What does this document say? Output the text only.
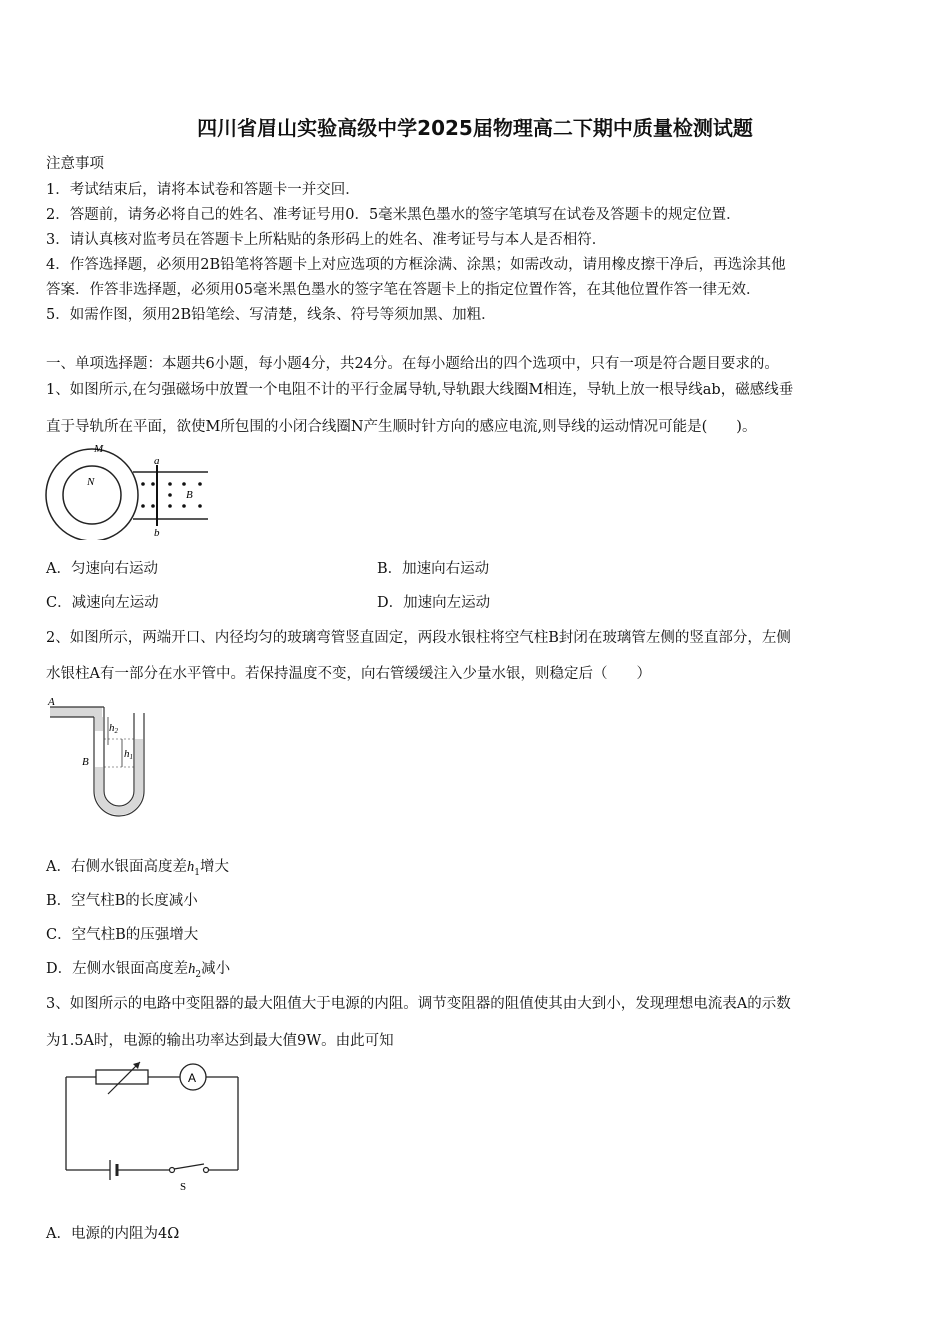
四川省眉山实验高级中学2025届物理高二下期中质量检测试题
注意事项
1．考试结束后，请将本试卷和答题卡一并交回．
2．答题前，请务必将自己的姓名、准考证号用0．5毫米黑色墨水的签字笔填写在试卷及答题卡的规定位置．
3．请认真核对监考员在答题卡上所粘贴的条形码上的姓名、准考证号与本人是否相符．
4．作答选择题，必须用2B铅笔将答题卡上对应选项的方框涂满、涂黑；如需改动，请用橡皮擦干净后，再选涂其他
答案．作答非选择题，必须用05毫米黑色墨水的签字笔在答题卡上的指定位置作答，在其他位置作答一律无效．
5．如需作图，须用2B铅笔绘、写清楚，线条、符号等须加黑、加粗．
一、单项选择题：本题共6小题，每小题4分，共24分。在每小题给出的四个选项中，只有一项是符合题目要求的。
1、如图所示,在匀强磁场中放置一个电阻不计的平行金属导轨,导轨跟大线圈M相连，导轨上放一根导线ab，磁感线垂
直于导轨所在平面，欲使M所包围的小闭合线圈N产生顺时针方向的感应电流,则导线的运动情况可能是(　　)。
M
N
a
b
B
A．匀速向右运动	B．加速向右运动
C．减速向左运动	D．加速向左运动
2、如图所示，两端开口、内径均匀的玻璃弯管竖直固定，两段水银柱将空气柱B封闭在玻璃管左侧的竖直部分，左侧
水银柱A有一部分在水平管中。若保持温度不变，向右管缓缓注入少量水银，则稳定后（　　）
A
B
h2
h1
A．右侧水银面高度差$h_1$增大
B．空气柱B的长度减小
C．空气柱B的压强增大
D．左侧水银面高度差$h_2$减小
3、如图所示的电路中变阻器的最大阻值大于电源的内阻。调节变阻器的阻值使其由大到小，发现理想电流表A的示数
为1.5A时，电源的输出功率达到最大值9W。由此可知
A
S
A．电源的内阻为4Ω
